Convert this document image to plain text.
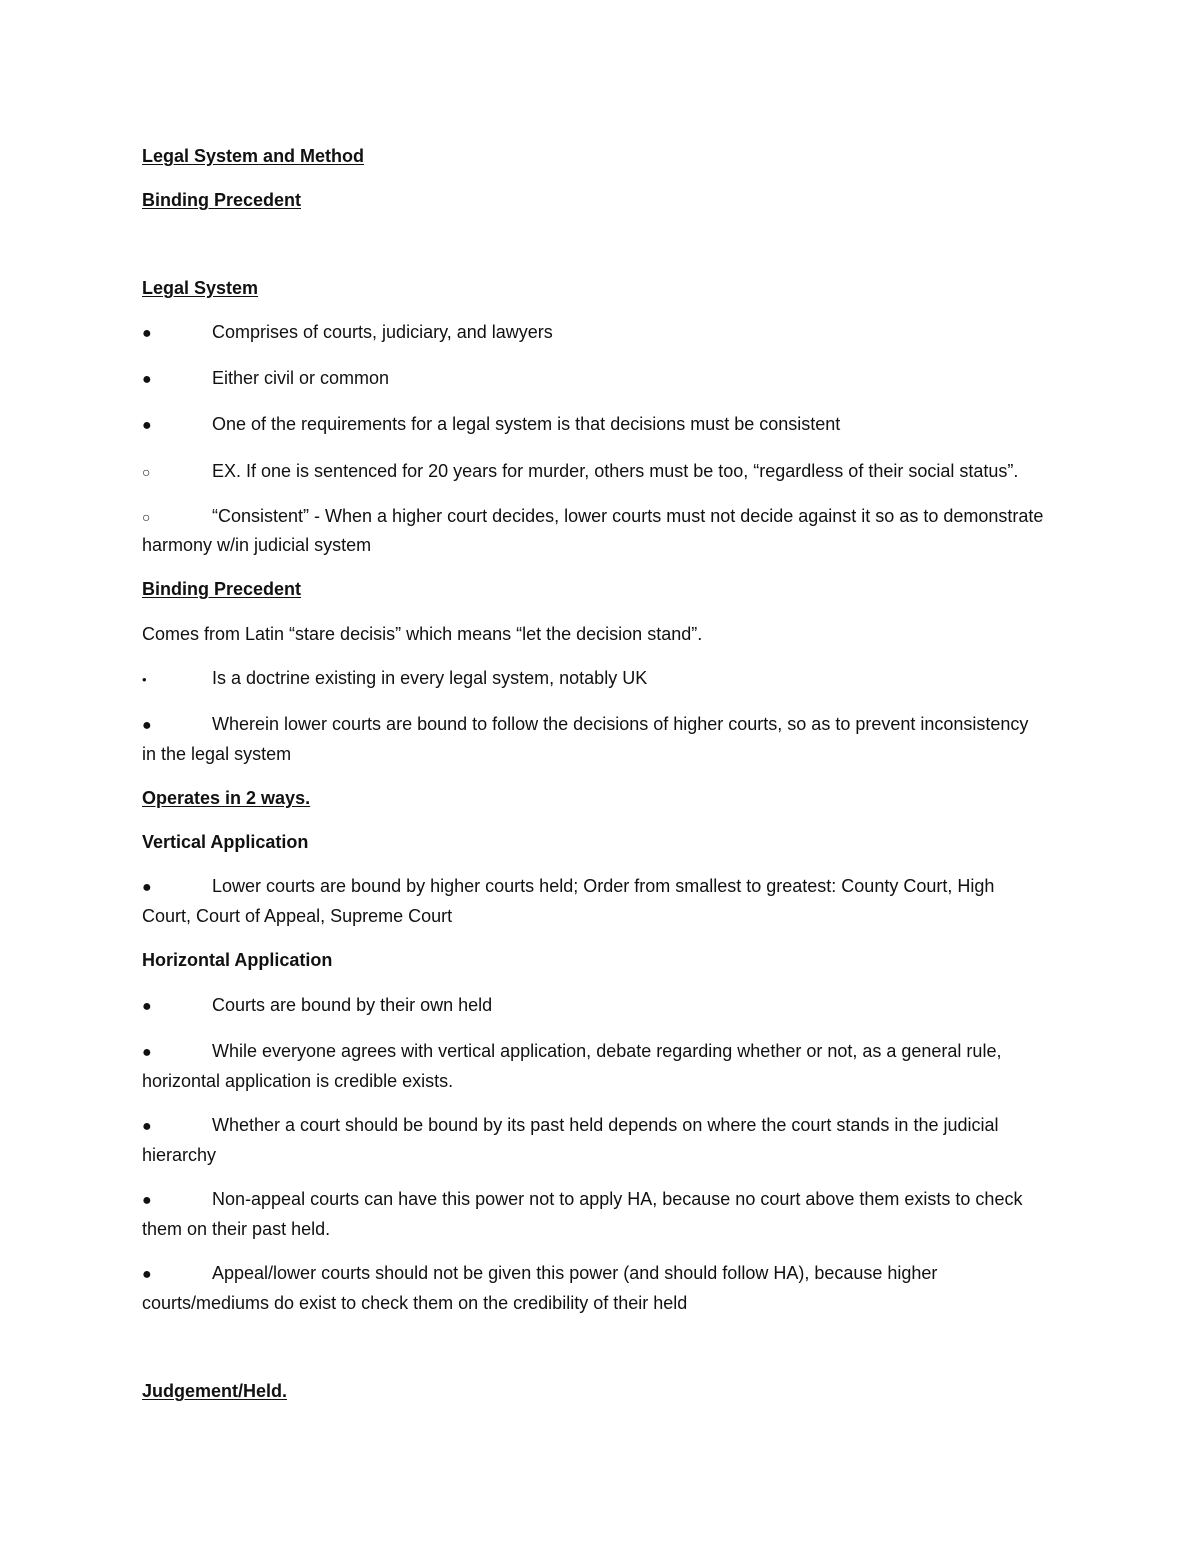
Legal System and Method

Binding Precedent

Legal System

●	Comprises of courts, judiciary, and lawyers

●	Either civil or common

●	One of the requirements for a legal system is that decisions must be consistent

○	EX. If one is sentenced for 20 years for murder, others must be too, “regardless of their social status”.

○	“Consistent” - When a higher court decides, lower courts must not decide against it so as to demonstrate harmony w/in judicial system

Binding Precedent

Comes from Latin “stare decisis” which means “let the decision stand”.

•	Is a doctrine existing in every legal system, notably UK

●	Wherein lower courts are bound to follow the decisions of higher courts, so as to prevent inconsistency in the legal system

Operates in 2 ways.

Vertical Application

●	Lower courts are bound by higher courts held; Order from smallest to greatest: County Court, High Court, Court of Appeal, Supreme Court

Horizontal Application

●	Courts are bound by their own held

●	While everyone agrees with vertical application, debate regarding whether or not, as a general rule, horizontal application is credible exists.

●	Whether a court should be bound by its past held depends on where the court stands in the judicial hierarchy

●	Non-appeal courts can have this power not to apply HA, because no court above them exists to check them on their past held.

●	Appeal/lower courts should not be given this power (and should follow HA), because higher courts/mediums do exist to check them on the credibility of their held

Judgement/Held.
